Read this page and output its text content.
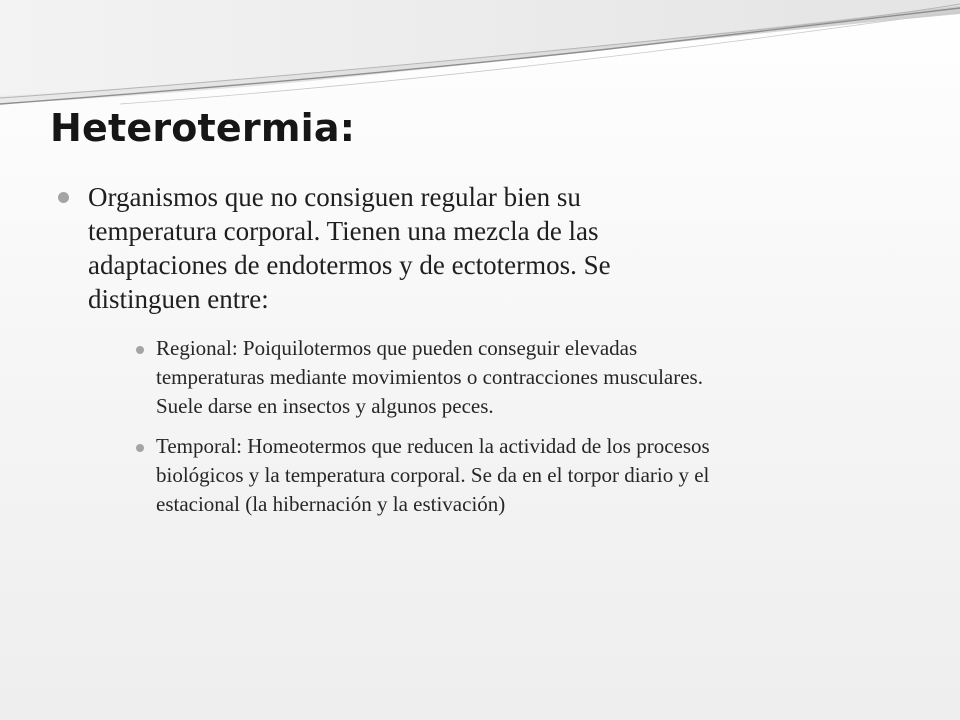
Heterotermia:
Organismos que no consiguen regular bien su
temperatura corporal. Tienen una mezcla de las
adaptaciones de endotermos y de ectotermos. Se
distinguen entre:
Regional: Poiquilotermos que pueden conseguir elevadas
temperaturas mediante movimientos o contracciones musculares.
Suele darse en insectos y algunos peces.
Temporal: Homeotermos que reducen la actividad de los procesos
biológicos y la temperatura corporal. Se da en el torpor diario y el
estacional (la hibernación y la estivación)
